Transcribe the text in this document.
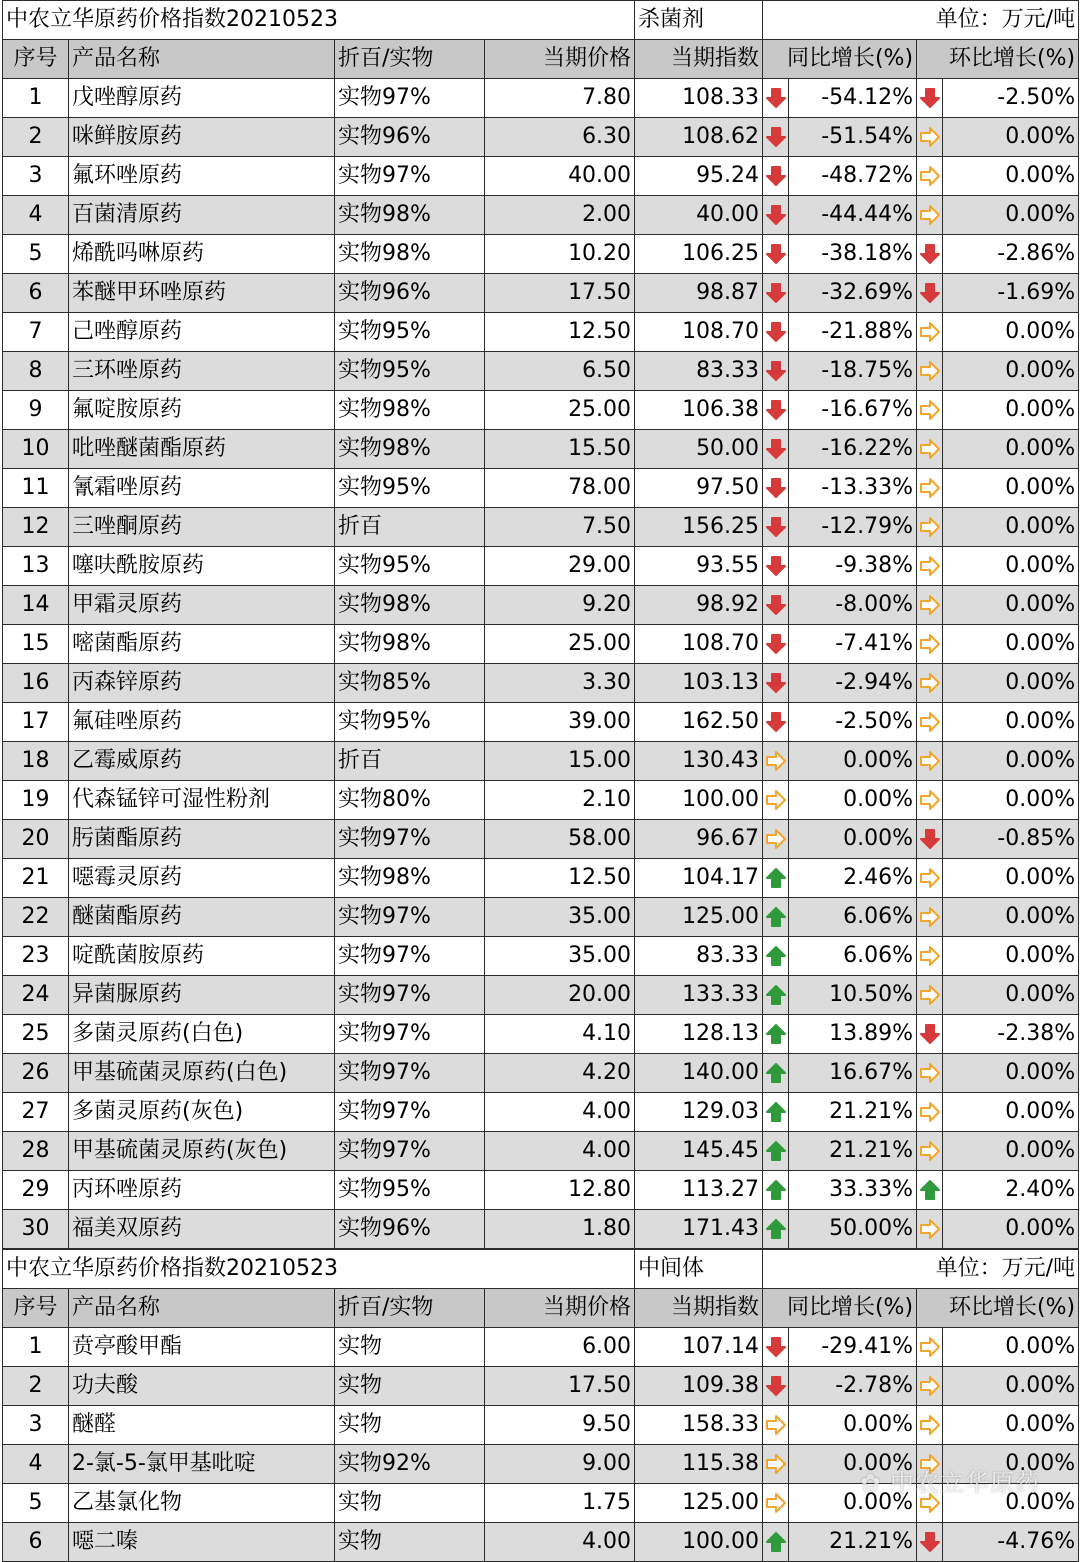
中农立华原药价格指数20210523				杀菌剂	单位：万元/吨			
序号	产品名称	折百/实物	当期价格	当期指数	同比增长(%)		环比增长(%)	
1	戊唑醇原药	实物97%	7.80	108.33		-54.12%		-2.50%
2	咪鲜胺原药	实物96%	6.30	108.62		-51.54%		0.00%
3	氟环唑原药	实物97%	40.00	95.24		-48.72%		0.00%
4	百菌清原药	实物98%	2.00	40.00		-44.44%		0.00%
5	烯酰吗啉原药	实物98%	10.20	106.25		-38.18%		-2.86%
6	苯醚甲环唑原药	实物96%	17.50	98.87		-32.69%		-1.69%
7	己唑醇原药	实物95%	12.50	108.70		-21.88%		0.00%
8	三环唑原药	实物95%	6.50	83.33		-18.75%		0.00%
9	氟啶胺原药	实物98%	25.00	106.38		-16.67%		0.00%
10	吡唑醚菌酯原药	实物98%	15.50	50.00		-16.22%		0.00%
11	氰霜唑原药	实物95%	78.00	97.50		-13.33%		0.00%
12	三唑酮原药	折百	7.50	156.25		-12.79%		0.00%
13	噻呋酰胺原药	实物95%	29.00	93.55		-9.38%		0.00%
14	甲霜灵原药	实物98%	9.20	98.92		-8.00%		0.00%
15	嘧菌酯原药	实物98%	25.00	108.70		-7.41%		0.00%
16	丙森锌原药	实物85%	3.30	103.13		-2.94%		0.00%
17	氟硅唑原药	实物95%	39.00	162.50		-2.50%		0.00%
18	乙霉威原药	折百	15.00	130.43		0.00%		0.00%
19	代森锰锌可湿性粉剂	实物80%	2.10	100.00		0.00%		0.00%
20	肟菌酯原药	实物97%	58.00	96.67		0.00%		-0.85%
21	噁霉灵原药	实物98%	12.50	104.17		2.46%		0.00%
22	醚菌酯原药	实物97%	35.00	125.00		6.06%		0.00%
23	啶酰菌胺原药	实物97%	35.00	83.33		6.06%		0.00%
24	异菌脲原药	实物97%	20.00	133.33		10.50%		0.00%
25	多菌灵原药(白色)	实物97%	4.10	128.13		13.89%		-2.38%
26	甲基硫菌灵原药(白色)	实物97%	4.20	140.00		16.67%		0.00%
27	多菌灵原药(灰色)	实物97%	4.00	129.03		21.21%		0.00%
28	甲基硫菌灵原药(灰色)	实物97%	4.00	145.45		21.21%		0.00%
29	丙环唑原药	实物95%	12.80	113.27		33.33%		2.40%
30	福美双原药	实物96%	1.80	171.43		50.00%		0.00%
中农立华原药价格指数20210523				中间体	单位：万元/吨			
序号	产品名称	折百/实物	当期价格	当期指数	同比增长(%)		环比增长(%)	
1	贲亭酸甲酯	实物	6.00	107.14		-29.41%		0.00%
2	功夫酸	实物	17.50	109.38		-2.78%		0.00%
3	醚醛	实物	9.50	158.33		0.00%		0.00%
4	2-氯-5-氯甲基吡啶	实物92%	9.00	115.38		0.00%		0.00%
5	乙基氯化物	实物	1.75	125.00		0.00%		0.00%
6	噁二嗪	实物	4.00	100.00		21.21%		-4.76%
✿ 中农立华原药
